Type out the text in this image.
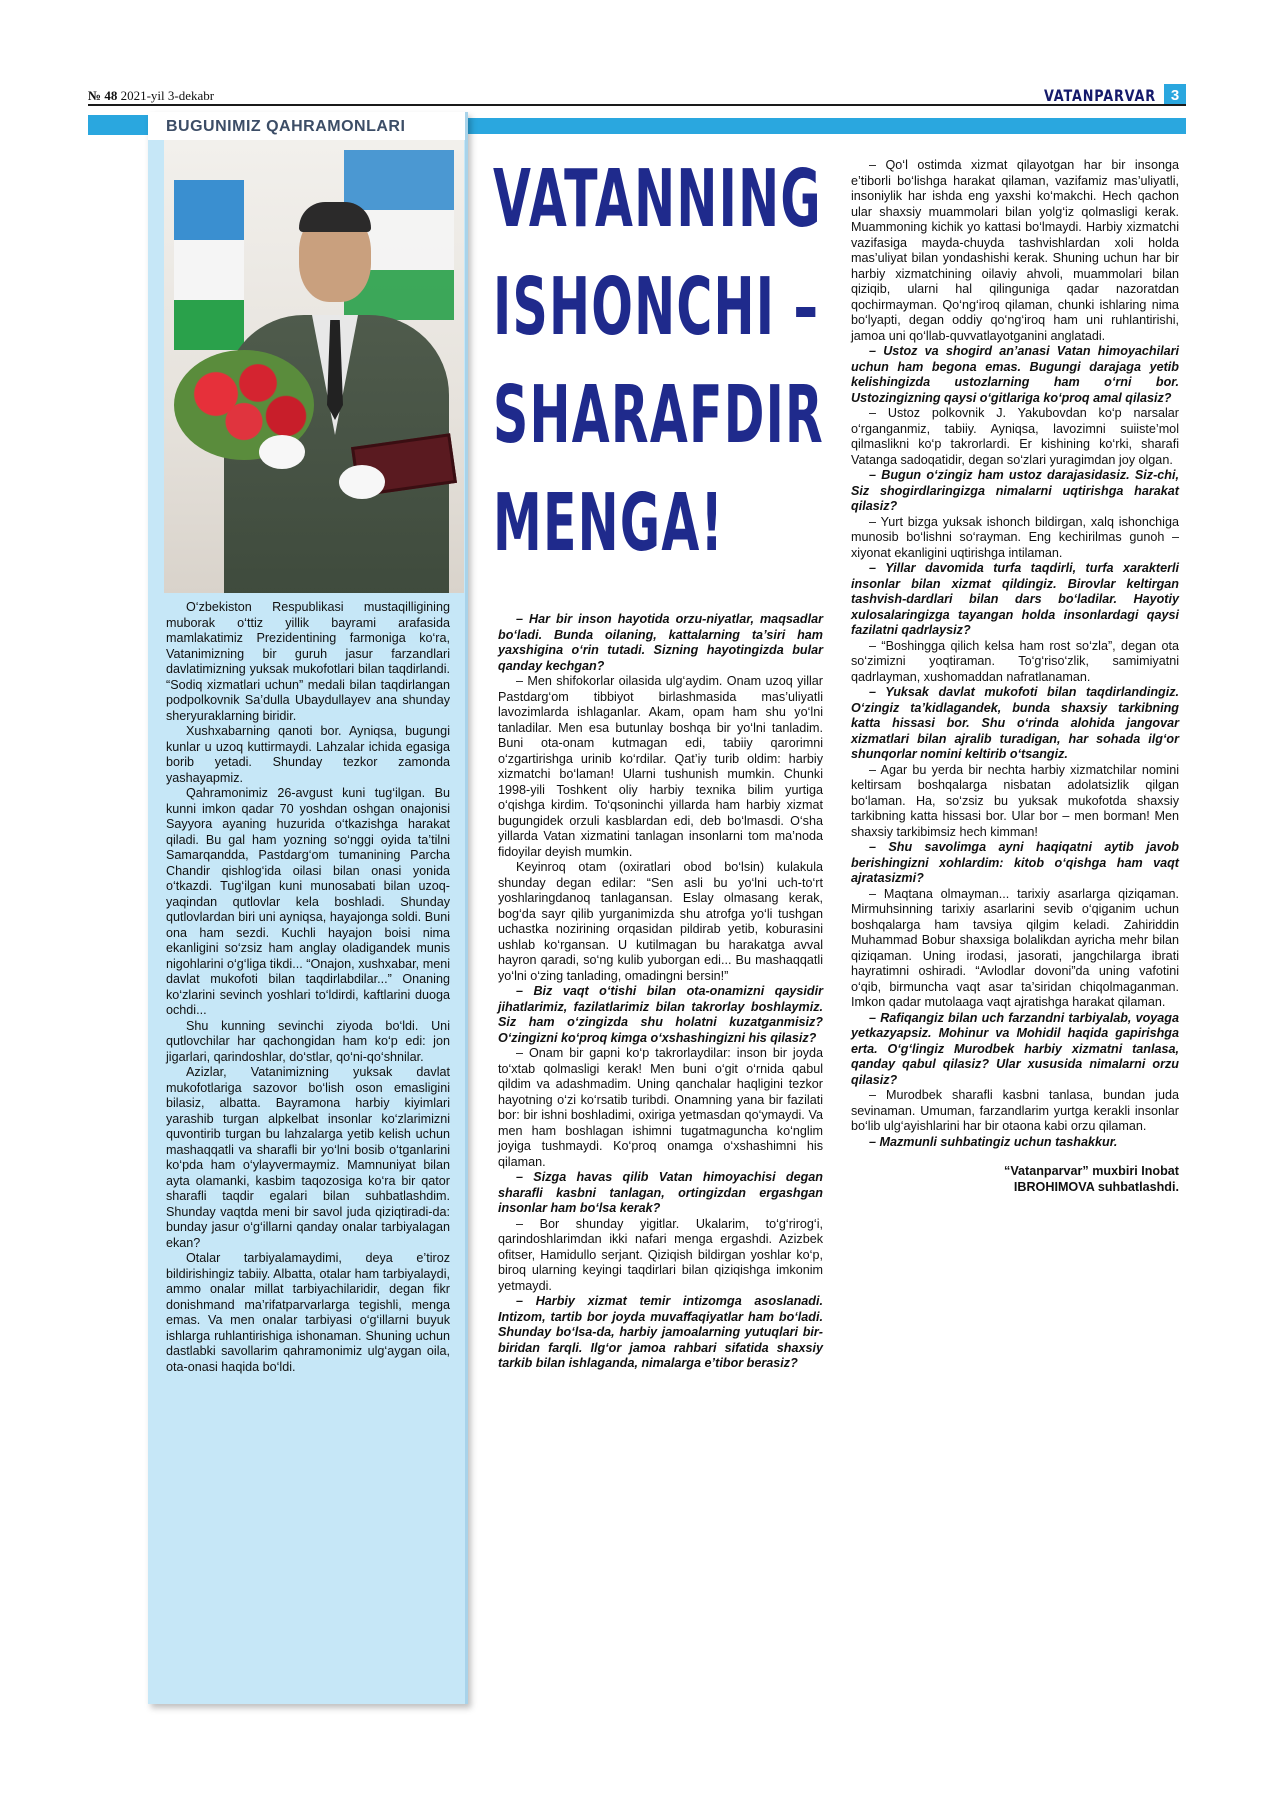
№ 48 2021-yil 3-dekabr	VATANPARVAR 3
BUGUNIMIZ QAHRAMONLARI

O‘zbekiston Respublikasi mustaqilligining muborak o‘ttiz yillik bayrami arafasida mamlakatimiz Prezidentining farmoniga ko‘ra, Vatanimizning bir guruh jasur farzandlari davlatimizning yuksak mukofotlari bilan taqdirlandi. “Sodiq xizmatlari uchun” medali bilan taqdirlangan podpolkovnik Sa’dulla Ubaydullayev ana shunday sheryuraklarning biridir.

Xushxabarning qanoti bor. Ayniqsa, bugungi kunlar u uzoq kuttirmaydi. Lahzalar ichida egasiga borib yetadi. Shunday tezkor zamonda yashayapmiz.

Qahramonimiz 26-avgust kuni tug‘ilgan. Bu kunni imkon qadar 70 yoshdan oshgan onajonisi Sayyora ayaning huzurida o‘tkazishga harakat qiladi. Bu gal ham yozning so‘nggi oyida ta’tilni Samarqandda, Pastdarg‘om tumanining Parcha Chandir qishlog‘ida oilasi bilan onasi yonida o‘tkazdi. Tug‘ilgan kuni munosabati bilan uzoq-yaqindan qutlovlar kela boshladi. Shunday qutlovlardan biri uni ayniqsa, hayajonga soldi. Buni ona ham sezdi. Kuchli hayajon boisi nima ekanligini so‘zsiz ham anglay oladigandek munis nigohlarini o‘g‘liga tikdi... “Onajon, xushxabar, meni davlat mukofoti bilan taqdirlabdilar...” Onaning ko‘zlarini sevinch yoshlari to‘ldirdi, kaftlarini duoga ochdi...

Shu kunning sevinchi ziyoda bo‘ldi. Uni qutlovchilar har qachongidan ham ko‘p edi: jon jigarlari, qarindoshlar, do‘stlar, qo‘ni-qo‘shnilar.

Azizlar, Vatanimizning yuksak davlat mukofotlariga sazovor bo‘lish oson emasligini bilasiz, albatta. Bayramona harbiy kiyimlari yarashib turgan alpkelbat insonlar ko‘zlarimizni quvontirib turgan bu lahzalarga yetib kelish uchun mashaqqatli va sharafli bir yo‘lni bosib o‘tganlarini ko‘pda ham o‘ylayvermaymiz. Mamnuniyat bilan ayta olamanki, kasbim taqozosiga ko‘ra bir qator sharafli taqdir egalari bilan suhbatlashdim. Shunday vaqtda meni bir savol juda qiziqtiradi-da: bunday jasur o‘g‘illarni qanday onalar tarbiyalagan ekan?

Otalar tarbiyalamaydimi, deya e’tiroz bildirishingiz tabiiy. Albatta, otalar ham tarbiyalaydi, ammo onalar millat tarbiyachilaridir, degan fikr donishmand ma’rifatparvarlarga tegishli, menga emas. Va men onalar tarbiyasi o‘g‘illarni buyuk ishlarga ruhlantirishiga ishonaman. Shuning uchun dastlabki savollarim qahramonimiz ulg‘aygan oila, ota-onasi haqida bo‘ldi.

VATANNING
ISHONCHI –
SHARAFDIR
MENGA!

– Har bir inson hayotida orzu-niyatlar, maqsadlar bo‘ladi. Bunda oilaning, kattalarning ta’siri ham yaxshigina o‘rin tutadi. Sizning hayotingizda bular qanday kechgan?

– Men shifokorlar oilasida ulg‘aydim. Onam uzoq yillar Pastdarg‘om tibbiyot birlashmasida mas’uliyatli lavozimlarda ishlaganlar. Akam, opam ham shu yo‘lni tanladilar. Men esa butunlay boshqa bir yo‘lni tanladim. Buni ota-onam kutmagan edi, tabiiy qarorimni o‘zgartirishga urinib ko‘rdilar. Qat’iy turib oldim: harbiy xizmatchi bo‘laman! Ularni tushunish mumkin. Chunki 1998-yili Toshkent oliy harbiy texnika bilim yurtiga o‘qishga kirdim. To‘qsoninchi yillarda ham harbiy xizmat bugungidek orzuli kasblardan edi, deb bo‘lmasdi. O‘sha yillarda Vatan xizmatini tanlagan insonlarni tom ma’noda fidoyilar deyish mumkin.

Keyinroq otam (oxiratlari obod bo‘lsin) kulakula shunday degan edilar: “Sen asli bu yo‘lni uch-to‘rt yoshlaringdanoq tanlagansan. Eslay olmasang kerak, bog‘da sayr qilib yurganimizda shu atrofga yo‘li tushgan uchastka nozirining orqasidan pildirab yetib, koburasini ushlab ko‘rgansan. U kutilmagan bu harakatga avval hayron qaradi, so‘ng kulib yuborgan edi... Bu mashaqqatli yo‘lni o‘zing tanlading, omadingni bersin!”

– Biz vaqt o‘tishi bilan ota-onamizni qaysidir jihatlarimiz, fazilatlarimiz bilan takrorlay boshlaymiz. Siz ham o‘zingizda shu holatni kuzatganmisiz? O‘zingizni ko‘proq kimga o‘xshashingizni his qilasiz?

– Onam bir gapni ko‘p takrorlaydilar: inson bir joyda to‘xtab qolmasligi kerak! Men buni o‘git o‘rnida qabul qildim va adashmadim. Uning qanchalar haqligini tezkor hayotning o‘zi ko‘rsatib turibdi. Onamning yana bir fazilati bor: bir ishni boshladimi, oxiriga yetmasdan qo‘ymaydi. Va men ham boshlagan ishimni tugatmaguncha ko‘nglim joyiga tushmaydi. Ko‘proq onamga o‘xshashimni his qilaman.

– Sizga havas qilib Vatan himoyachisi degan sharafli kasbni tanlagan, ortingizdan ergashgan insonlar ham bo‘lsa kerak?

– Bor shunday yigitlar. Ukalarim, to‘g‘rirog‘i, qarindoshlarimdan ikki nafari menga ergashdi. Azizbek ofitser, Hamidullo serjant. Qiziqish bildirgan yoshlar ko‘p, biroq ularning keyingi taqdirlari bilan qiziqishga imkonim yetmaydi.

– Harbiy xizmat temir intizomga asoslanadi. Intizom, tartib bor joyda muvaffaqiyatlar ham bo‘ladi. Shunday bo‘lsa-da, harbiy jamoalarning yutuqlari bir-biridan farqli. Ilg‘or jamoa rahbari sifatida shaxsiy tarkib bilan ishlaganda, nimalarga e’tibor berasiz?

– Qo‘l ostimda xizmat qilayotgan har bir insonga e’tiborli bo‘lishga harakat qilaman, vazifamiz mas’uliyatli, insoniylik har ishda eng yaxshi ko‘makchi. Hech qachon ular shaxsiy muammolari bilan yolg‘iz qolmasligi kerak. Muammoning kichik yo kattasi bo‘lmaydi. Harbiy xizmatchi vazifasiga mayda-chuyda tashvishlardan xoli holda mas’uliyat bilan yondashishi kerak. Shuning uchun har bir harbiy xizmatchining oilaviy ahvoli, muammolari bilan qiziqib, ularni hal qilinguniga qadar nazoratdan qochirmayman. Qo‘ng‘iroq qilaman, chunki ishlaring nima bo‘lyapti, degan oddiy qo‘ng‘iroq ham uni ruhlantirishi, jamoa uni qo‘llab-quvvatlayotganini anglatadi.

– Ustoz va shogird an’anasi Vatan himoyachilari uchun ham begona emas. Bugungi darajaga yetib kelishingizda ustozlarning ham o‘rni bor. Ustozingizning qaysi o‘gitlariga ko‘proq amal qilasiz?

– Ustoz polkovnik J. Yakubovdan ko‘p narsalar o‘rganganmiz, tabiiy. Ayniqsa, lavozimni suiiste’mol qilmaslikni ko‘p takrorlardi. Er kishining ko‘rki, sharafi Vatanga sadoqatidir, degan so‘zlari yuragimdan joy olgan.

– Bugun o‘zingiz ham ustoz darajasidasiz. Siz-chi, Siz shogirdlaringizga nimalarni uqtirishga harakat qilasiz?

– Yurt bizga yuksak ishonch bildirgan, xalq ishonchiga munosib bo‘lishni so‘rayman. Eng kechirilmas gunoh – xiyonat ekanligini uqtirishga intilaman.

– Yillar davomida turfa taqdirli, turfa xarakterli insonlar bilan xizmat qildingiz. Birovlar keltirgan tashvish-dardlari bilan dars bo‘ladilar. Hayotiy xulosalaringizga tayangan holda insonlardagi qaysi fazilatni qadrlaysiz?

– “Boshingga qilich kelsa ham rost so‘zla”, degan ota so‘zimizni yoqtiraman. To‘g‘riso‘zlik, samimiyatni qadrlayman, xushomaddan nafratlanaman.

– Yuksak davlat mukofoti bilan taqdirlandingiz. O‘zingiz ta’kidlagandek, bunda shaxsiy tarkibning katta hissasi bor. Shu o‘rinda alohida jangovar xizmatlari bilan ajralib turadigan, har sohada ilg‘or shunqorlar nomini keltirib o‘tsangiz.

– Agar bu yerda bir nechta harbiy xizmatchilar nomini keltirsam boshqalarga nisbatan adolatsizlik qilgan bo‘laman. Ha, so‘zsiz bu yuksak mukofotda shaxsiy tarkibning katta hissasi bor. Ular bor – men borman! Men shaxsiy tarkibimsiz hech kimman!

– Shu savolimga ayni haqiqatni aytib javob berishingizni xohlardim: kitob o‘qishga ham vaqt ajratasizmi?

– Maqtana olmayman... tarixiy asarlarga qiziqaman. Mirmuhsinning tarixiy asarlarini sevib o‘qiganim uchun boshqalarga ham tavsiya qilgim keladi. Zahiriddin Muhammad Bobur shaxsiga bolalikdan ayricha mehr bilan qiziqaman. Uning irodasi, jasorati, jangchilarga ibrati hayratimni oshiradi. “Avlodlar dovoni”da uning vafotini o‘qib, birmuncha vaqt asar ta’siridan chiqolmaganman. Imkon qadar mutolaaga vaqt ajratishga harakat qilaman.

– Rafiqangiz bilan uch farzandni tarbiyalab, voyaga yetkazyapsiz. Mohinur va Mohidil haqida gapirishga erta. O‘g‘lingiz Murodbek harbiy xizmatni tanlasa, qanday qabul qilasiz? Ular xususida nimalarni orzu qilasiz?

– Murodbek sharafli kasbni tanlasa, bundan juda sevinaman. Umuman, farzandlarim yurtga kerakli insonlar bo‘lib ulg‘ayishlarini har bir otaona kabi orzu qilaman.

– Mazmunli suhbatingiz uchun tashakkur.

“Vatanparvar” muxbiri Inobat
IBROHIMOVA suhbatlashdi.
